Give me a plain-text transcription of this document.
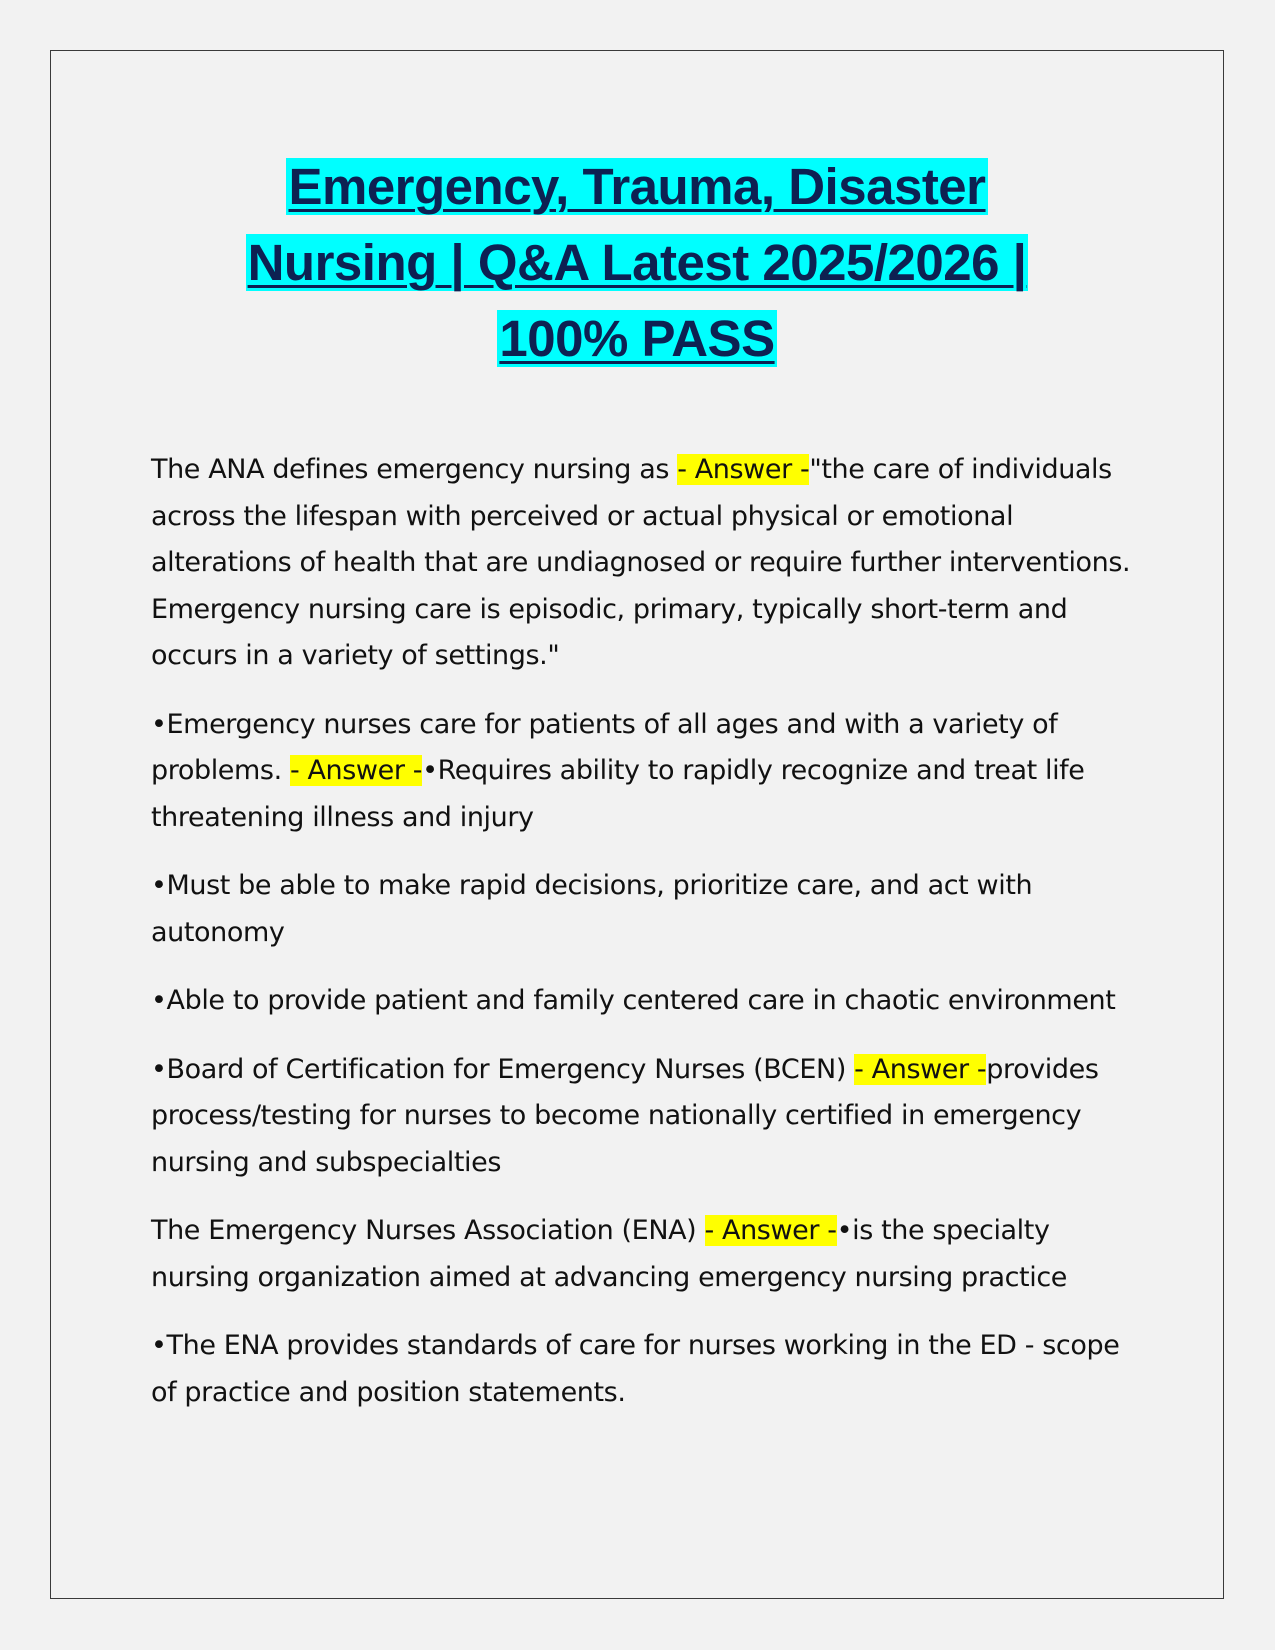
Emergency, Trauma, Disaster
Nursing | Q&A Latest 2025/2026 |
100% PASS

The ANA defines emergency nursing as - Answer -"the care of individuals across the lifespan with perceived or actual physical or emotional alterations of health that are undiagnosed or require further interventions. Emergency nursing care is episodic, primary, typically short-term and occurs in a variety of settings."

•Emergency nurses care for patients of all ages and with a variety of problems. - Answer -•Requires ability to rapidly recognize and treat life threatening illness and injury

•Must be able to make rapid decisions, prioritize care, and act with autonomy

•Able to provide patient and family centered care in chaotic environment

•Board of Certification for Emergency Nurses (BCEN) - Answer -provides process/testing for nurses to become nationally certified in emergency nursing and subspecialties

The Emergency Nurses Association (ENA) - Answer -•is the specialty nursing organization aimed at advancing emergency nursing practice

•The ENA provides standards of care for nurses working in the ED - scope of practice and position statements.
